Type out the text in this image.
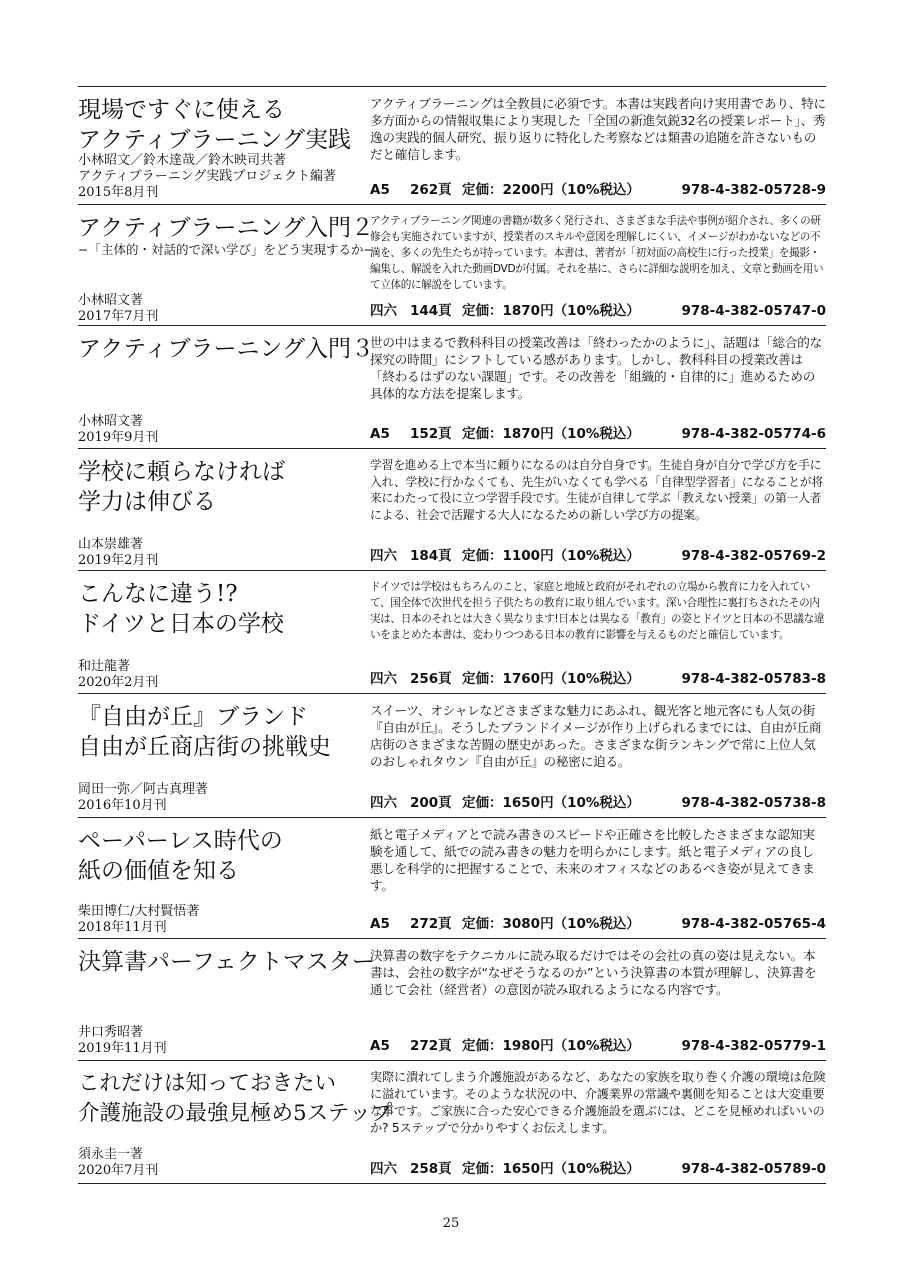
現場ですぐに使える
アクティブラーニング実践
小林昭文／鈴木達哉／鈴木映司共著
アクティブラーニング実践プロジェクト編著
2015年8月刊
アクティブラーニングは全教員に必須です。本書は実践者向け実用書であり、特に多方面からの情報収集により実現した「全国の新進気鋭32名の授業レポート」、秀逸の実践的個人研究、振り返りに特化した考察などは類書の追随を許さないものだと確信します。
A5	262頁 定価：2200円（10%税込）	978-4-382-05728-9
アクティブラーニング入門２
−「主体的・対話的で深い学び」をどう実現するか−
小林昭文著
2017年7月刊
アクティブラーニング関連の書籍が数多く発行され、さまざまな手法や事例が紹介され、多くの研修会も実施されていますが、授業者のスキルや意図を理解しにくい、イメージがわかないなどの不満を、多くの先生たちが持っています。本書は、著者が「初対面の高校生に行った授業」を撮影・編集し、解説を入れた動画DVDが付属。それを基に、さらに詳細な説明を加え、文章と動画を用いて立体的に解説をしています。
四六 144頁 定価：1870円（10%税込）	978-4-382-05747-0
アクティブラーニング入門３
小林昭文著
2019年9月刊
世の中はまるで教科科目の授業改善は「終わったかのように」、話題は「総合的な探究の時間」にシフトしている感があります。しかし、教科科目の授業改善は「終わるはずのない課題」です。その改善を「組織的・自律的に」進めるための具体的な方法を提案します。
A5	152頁 定価：1870円（10%税込）	978-4-382-05774-6
学校に頼らなければ
学力は伸びる
山本崇雄著
2019年2月刊
学習を進める上で本当に頼りになるのは自分自身です。生徒自身が自分で学び方を手に入れ、学校に行かなくても、先生がいなくても学べる「自律型学習者」になることが将来にわたって役に立つ学習手段です。生徒が自律して学ぶ「教えない授業」の第一人者による、社会で活躍する大人になるための新しい学び方の提案。
四六 184頁 定価：1100円（10%税込）	978-4-382-05769-2
こんなに違う!?
ドイツと日本の学校
和辻龍著
2020年2月刊
ドイツでは学校はもちろんのこと、家庭と地域と政府がそれぞれの立場から教育に力を入れていて、国全体で次世代を担う子供たちの教育に取り組んでいます。深い合理性に裏打ちされたその内実は、日本のそれとは大きく異なります!日本とは異なる「教育」の姿とドイツと日本の不思議な違いをまとめた本書は、変わりつつある日本の教育に影響を与えるものだと確信しています。
四六 256頁 定価：1760円（10%税込）	978-4-382-05783-8
『自由が丘』ブランド
自由が丘商店街の挑戦史
岡田一弥／阿古真理著
2016年10月刊
スイーツ、オシャレなどさまざまな魅力にあふれ、観光客と地元客にも人気の街『自由が丘』。そうしたブランドイメージが作り上げられるまでには、自由が丘商店街のさまざまな苦闘の歴史があった。さまざまな街ランキングで常に上位人気のおしゃれタウン『自由が丘』の秘密に迫る。
四六 200頁 定価：1650円（10%税込）	978-4-382-05738-8
ペーパーレス時代の
紙の価値を知る
柴田博仁/大村賢悟著
2018年11月刊
紙と電子メディアとで読み書きのスピードや正確さを比較したさまざまな認知実験を通して、紙での読み書きの魅力を明らかにします。紙と電子メディアの良し悪しを科学的に把握することで、未来のオフィスなどのあるべき姿が見えてきます。
A5	272頁 定価：3080円（10%税込）	978-4-382-05765-4
決算書パーフェクトマスター
井口秀昭著
2019年11月刊
決算書の数字をテクニカルに読み取るだけではその会社の真の姿は見えない。本書は、会社の数字が“なぜそうなるのか”という決算書の本質が理解し、決算書を通じて会社（経営者）の意図が読み取れるようになる内容です。
A5	272頁 定価：1980円（10%税込）	978-4-382-05779-1
これだけは知っておきたい
介護施設の最強見極め5ステップ
須永圭一著
2020年7月刊
実際に潰れてしまう介護施設があるなど、あなたの家族を取り巻く介護の環境は危険に溢れています。そのような状況の中、介護業界の常識や裏側を知ることは大変重要な事です。ご家族に合った安心できる介護施設を選ぶには、どこを見極めればいいのか? 5ステップで分かりやすくお伝えします。
四六 258頁 定価：1650円（10%税込）	978-4-382-05789-0
25
